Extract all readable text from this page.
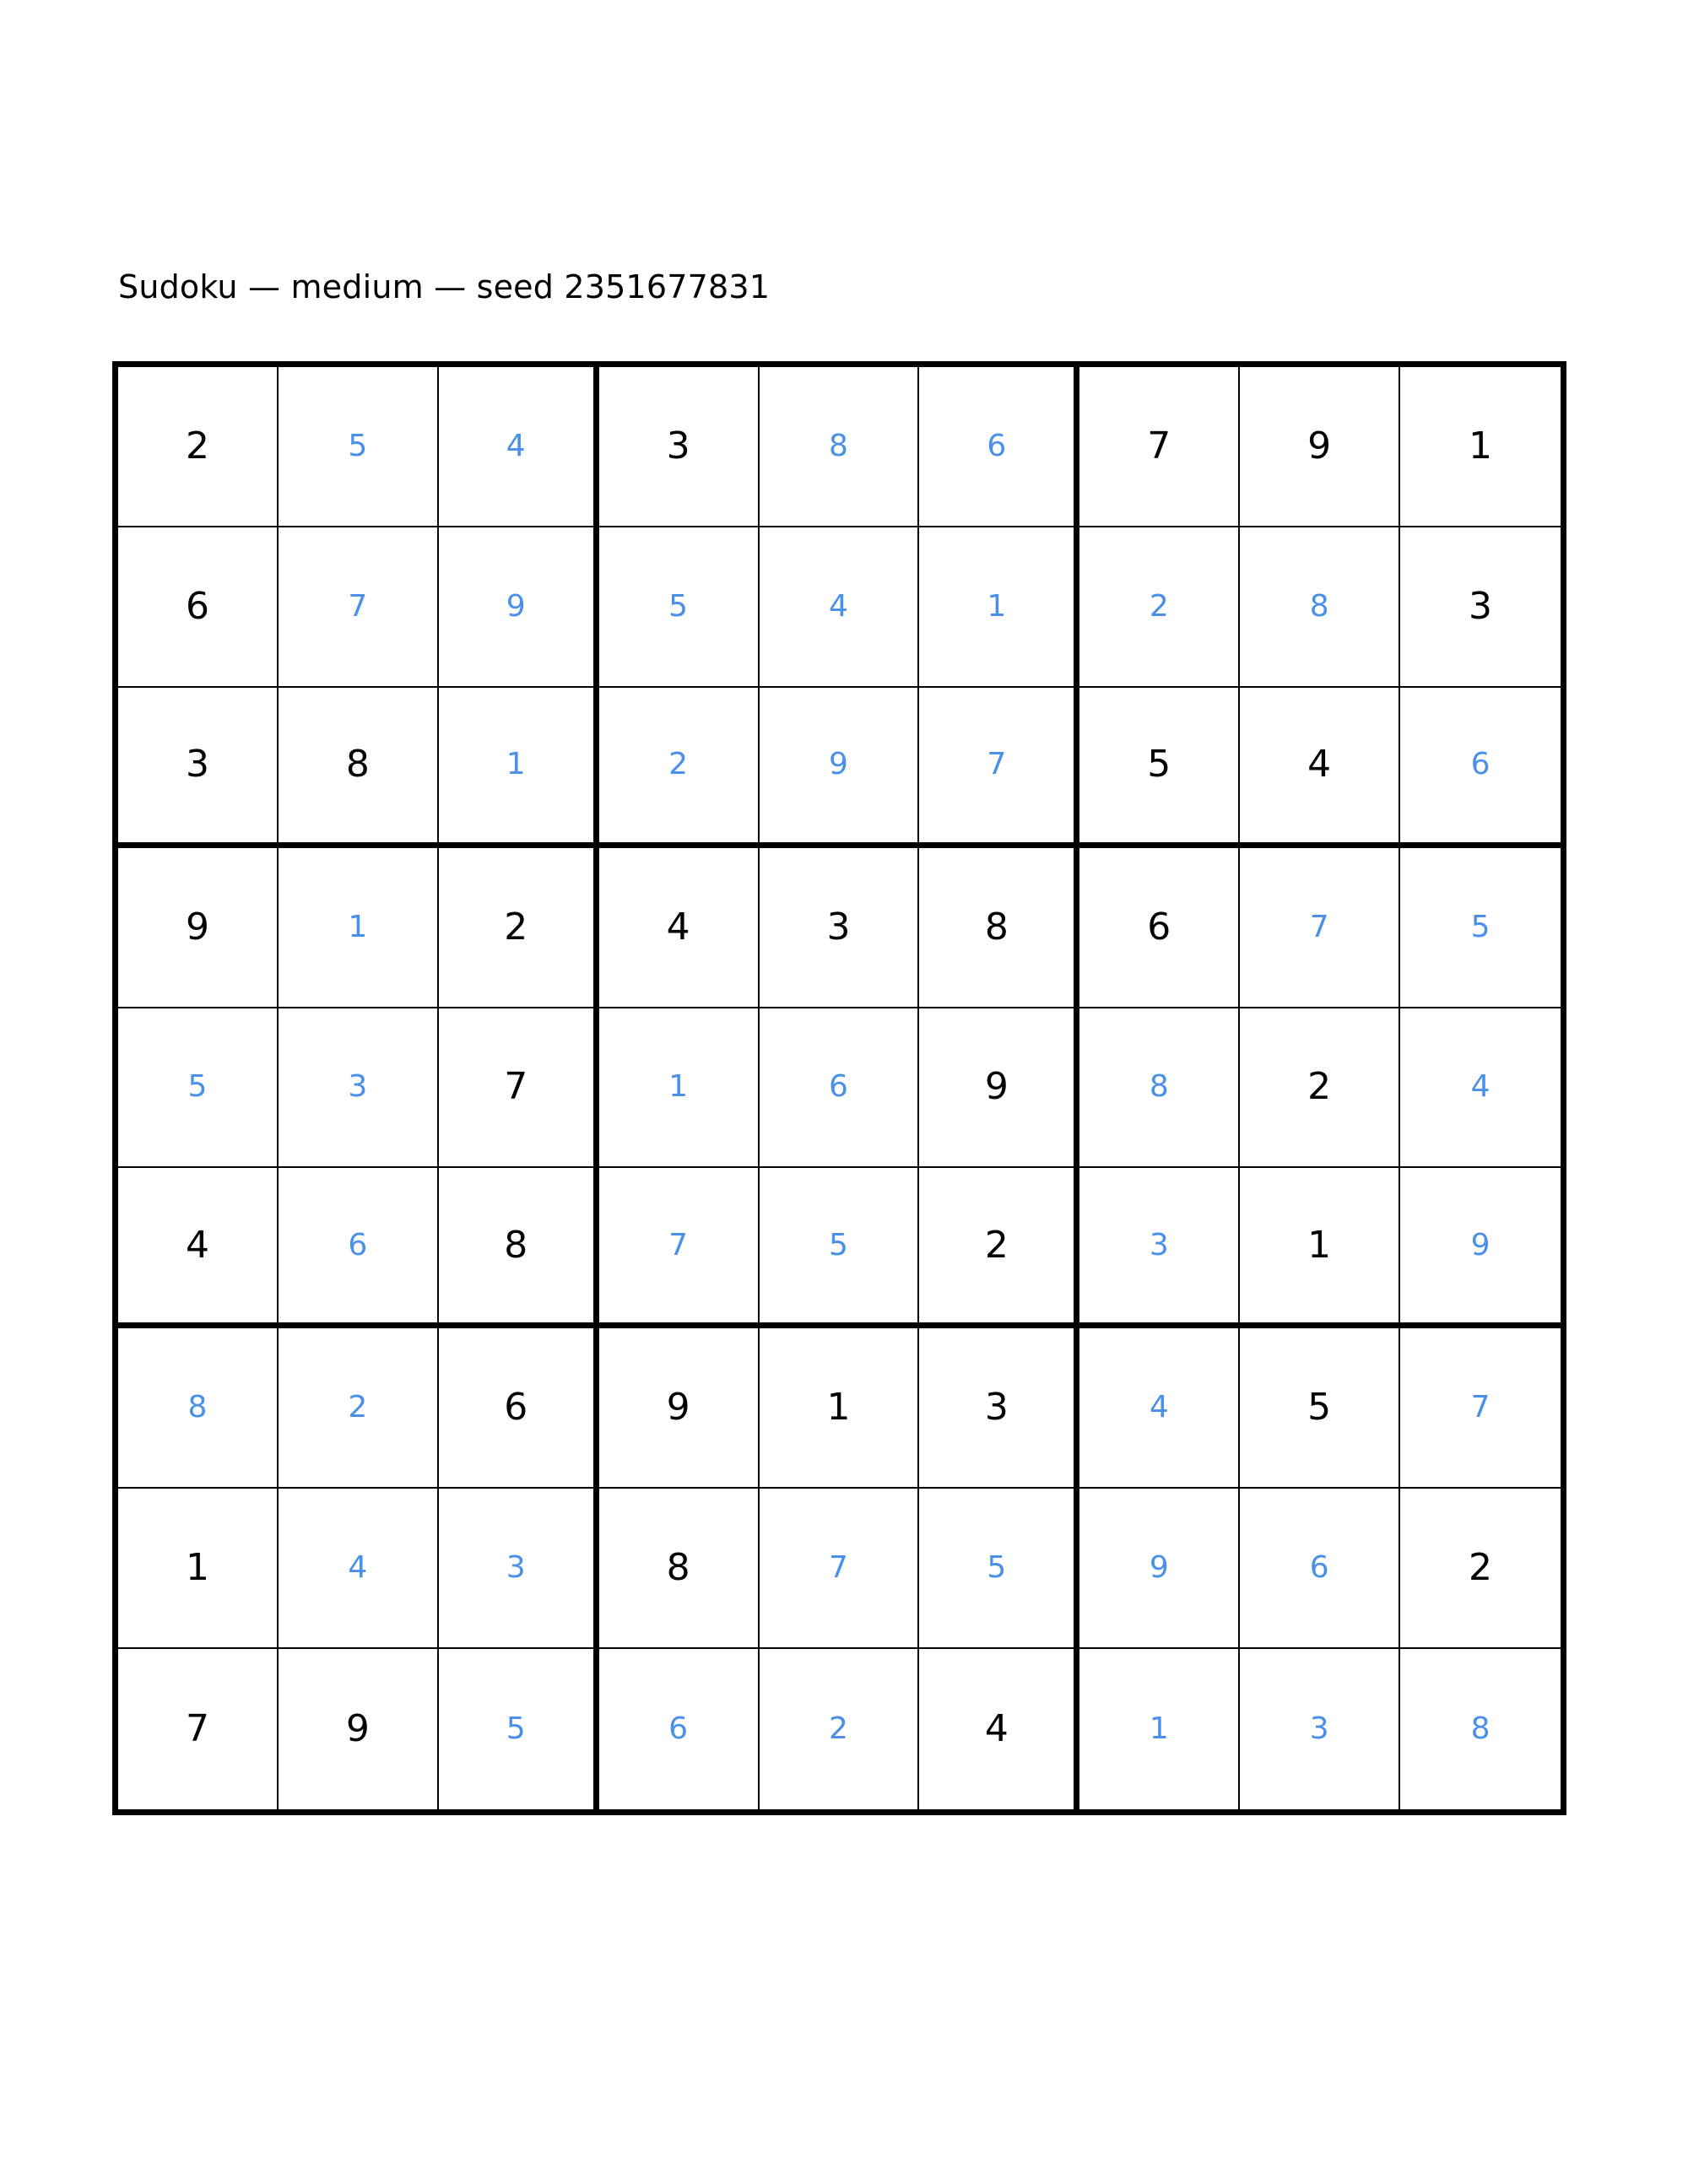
Sudoku — medium — seed 2351677831
2	5	4	3	8	6	7	9	1
6	7	9	5	4	1	2	8	3
3	8	1	2	9	7	5	4	6
9	1	2	4	3	8	6	7	5
5	3	7	1	6	9	8	2	4
4	6	8	7	5	2	3	1	9
8	2	6	9	1	3	4	5	7
1	4	3	8	7	5	9	6	2
7	9	5	6	2	4	1	3	8
